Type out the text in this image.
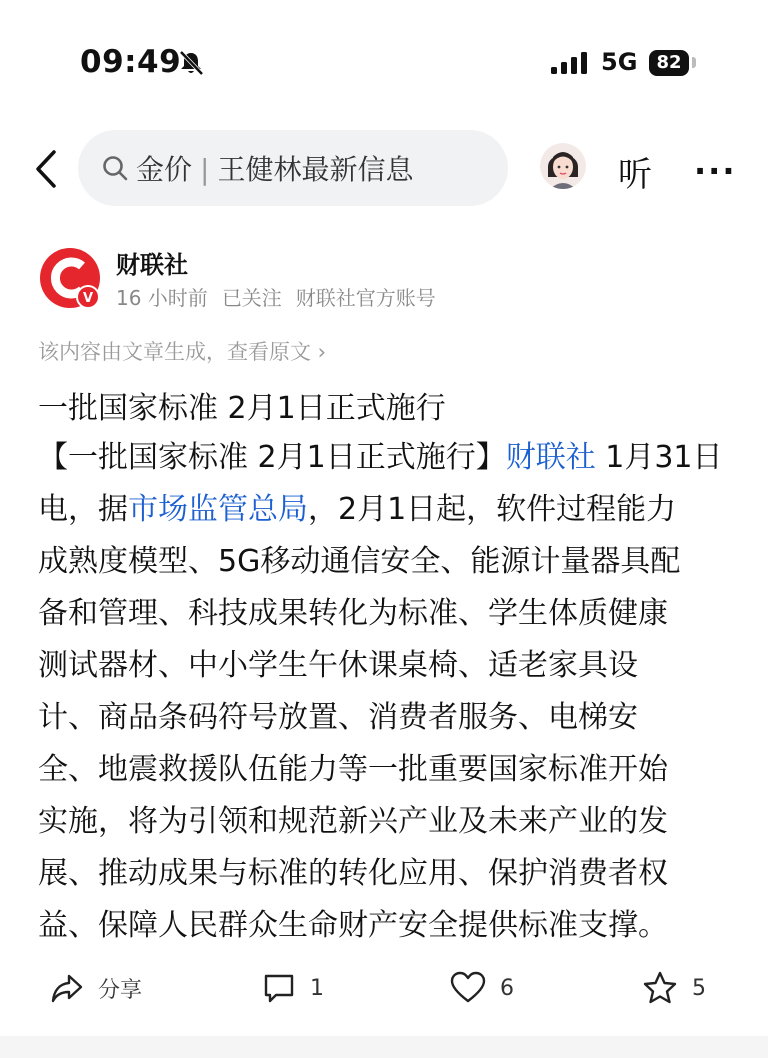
09:49	5G	82
金价 | 王健林最新信息	听 ···
V
财联社
16 小时前 已关注 财联社官方账号
该内容由文章生成，查看原文 ›
一批国家标准 2月1日正式施行
【一批国家标准 2月1日正式施行】财联社 1月31日
电，据市场监管总局，2月1日起，软件过程能力
成熟度模型、5G移动通信安全、能源计量器具配
备和管理、科技成果转化为标准、学生体质健康
测试器材、中小学生午休课桌椅、适老家具设
计、商品条码符号放置、消费者服务、电梯安
全、地震救援队伍能力等一批重要国家标准开始
实施，将为引领和规范新兴产业及未来产业的发
展、推动成果与标准的转化应用、保护消费者权
益、保障人民群众生命财产安全提供标准支撑。
分享	1	6	5
